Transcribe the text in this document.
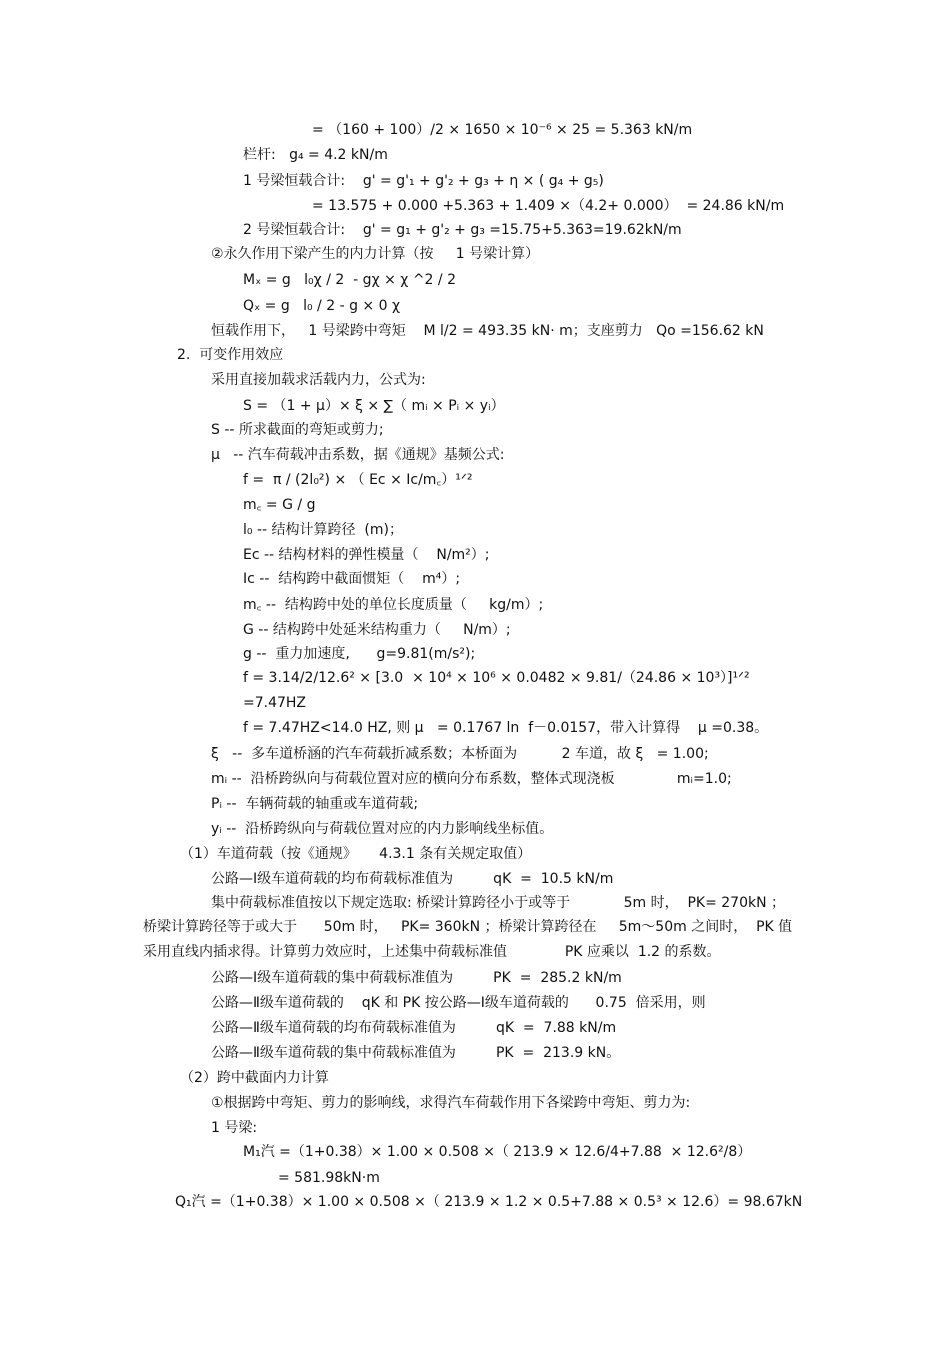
= （160 + 100）/2 × 1650 × 10⁻⁶ × 25 = 5.363 kN/m
栏杆:   g₄ = 4.2 kN/m
1 号梁恒载合计:    g' = g'₁ + g'₂ + g₃ + η × ( g₄ + g₅)
= 13.575 + 0.000 +5.363 + 1.409 ×（4.2+ 0.000）  = 24.86 kN/m
2 号梁恒载合计:    g' = g₁ + g'₂ + g₃ =15.75+5.363=19.62kN/m
②永久作用下梁产生的内力计算（按     1 号梁计算）
Mₓ = g   l₀χ / 2  - gχ × χ ^2 / 2
Qₓ = g   l₀ / 2 - g × 0 χ
恒载作用下，   1 号梁跨中弯矩    M l/2 = 493.35 kN· m；支座剪力   Qo =156.62 kN
2.  可变作用效应
采用直接加载求活载内力，公式为:
S = （1 + μ）× ξ × ∑（ mᵢ × Pᵢ × yᵢ）
S -- 所求截面的弯矩或剪力;
μ   -- 汽车荷载冲击系数，据《通规》基频公式:
f =  π / (2l₀²) × （ Ec × Ic/m꜀）¹ᐟ²
m꜀ = G / g
l₀ -- 结构计算跨径  (m)；
Ec -- 结构材料的弹性模量（    N/m²）;
Ic --  结构跨中截面惯矩（    m⁴）;
m꜀ --  结构跨中处的单位长度质量（     kg/m）;
G -- 结构跨中处延米结构重力（     N/m）;
g --  重力加速度,      g=9.81(m/s²);
f = 3.14/2/12.6² × [3.0  × 10⁴ × 10⁶ × 0.0482 × 9.81/（24.86 × 10³）]¹ᐟ²
=7.47HZ
f = 7.47HZ<14.0 HZ, 则 μ   = 0.1767 ln  f－0.0157，带入计算得    μ =0.38。
ξ   --  多车道桥涵的汽车荷载折减系数；本桥面为          2 车道，故 ξ   = 1.00;
mᵢ --  沿桥跨纵向与荷载位置对应的横向分布系数，整体式现浇板              mᵢ=1.0;
Pᵢ --  车辆荷载的轴重或车道荷载;
yᵢ --  沿桥跨纵向与荷载位置对应的内力影响线坐标值。
（1）车道荷载（按《通规》     4.3.1 条有关规定取值）
公路—Ⅰ级车道荷载的均布荷载标准值为         qK  =  10.5 kN/m
集中荷载标准值按以下规定选取: 桥梁计算跨径小于或等于            5m 时，  PK= 270kN ；
桥梁计算跨径等于或大于      50m 时，   PK= 360kN ；桥梁计算跨径在     5m～50m 之间时，  PK 值
采用直线内插求得。计算剪力效应时，上述集中荷载标准值             PK 应乘以  1.2 的系数。
公路—Ⅰ级车道荷载的集中荷载标准值为         PK  =  285.2 kN/m
公路—Ⅱ级车道荷载的    qK 和 PK 按公路—Ⅰ级车道荷载的      0.75  倍采用，则
公路—Ⅱ级车道荷载的均布荷载标准值为         qK  =  7.88 kN/m
公路—Ⅱ级车道荷载的集中荷载标准值为         PK  =  213.9 kN。
（2）跨中截面内力计算
①根据跨中弯矩、剪力的影响线，求得汽车荷载作用下各梁跨中弯矩、剪力为:
1 号梁:
M₁汽 =（1+0.38）× 1.00 × 0.508 ×（ 213.9 × 12.6/4+7.88  × 12.6²/8）
= 581.98kN·m
Q₁汽 =（1+0.38）× 1.00 × 0.508 ×（ 213.9 × 1.2 × 0.5+7.88 × 0.5³ × 12.6）= 98.67kN
